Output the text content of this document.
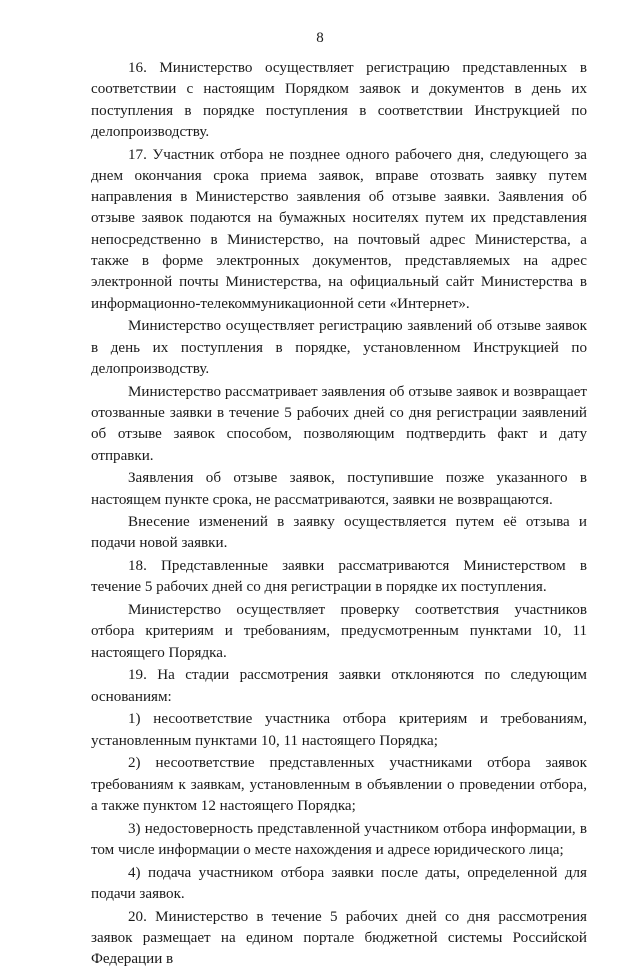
8

16. Министерство осуществляет регистрацию представленных в соответствии с настоящим Порядком заявок и документов в день их поступления в порядке поступления в соответствии Инструкцией по делопроизводству.

17. Участник отбора не позднее одного рабочего дня, следующего за днем окончания срока приема заявок, вправе отозвать заявку путем направления в Министерство заявления об отзыве заявки. Заявления об отзыве заявок подаются на бумажных носителях путем их представления непосредственно в Министерство, на почтовый адрес Министерства, а также в форме электронных документов, представляемых на адрес электронной почты Министерства, на официальный сайт Министерства в информационно-телекоммуникационной сети «Интернет».

Министерство осуществляет регистрацию заявлений об отзыве заявок в день их поступления в порядке, установленном Инструкцией по делопроизводству.

Министерство рассматривает заявления об отзыве заявок и возвращает отозванные заявки в течение 5 рабочих дней со дня регистрации заявлений об отзыве заявок способом, позволяющим подтвердить факт и дату отправки.

Заявления об отзыве заявок, поступившие позже указанного в настоящем пункте срока, не рассматриваются, заявки не возвращаются.

Внесение изменений в заявку осуществляется путем её отзыва и подачи новой заявки.

18. Представленные заявки рассматриваются Министерством в течение 5 рабочих дней со дня регистрации в порядке их поступления.

Министерство осуществляет проверку соответствия участников отбора критериям и требованиям, предусмотренным пунктами 10, 11 настоящего Порядка.

19. На стадии рассмотрения заявки отклоняются по следующим основаниям:

1) несоответствие участника отбора критериям и требованиям, установленным пунктами 10, 11 настоящего Порядка;

2) несоответствие представленных участниками отбора заявок требованиям к заявкам, установленным в объявлении о проведении отбора, а также пунктом 12 настоящего Порядка;

3) недостоверность представленной участником отбора информации, в том числе информации о месте нахождения и адресе юридического лица;

4) подача участником отбора заявки после даты, определенной для подачи заявок.

20. Министерство в течение 5 рабочих дней со дня рассмотрения заявок размещает на едином портале бюджетной системы Российской Федерации в
